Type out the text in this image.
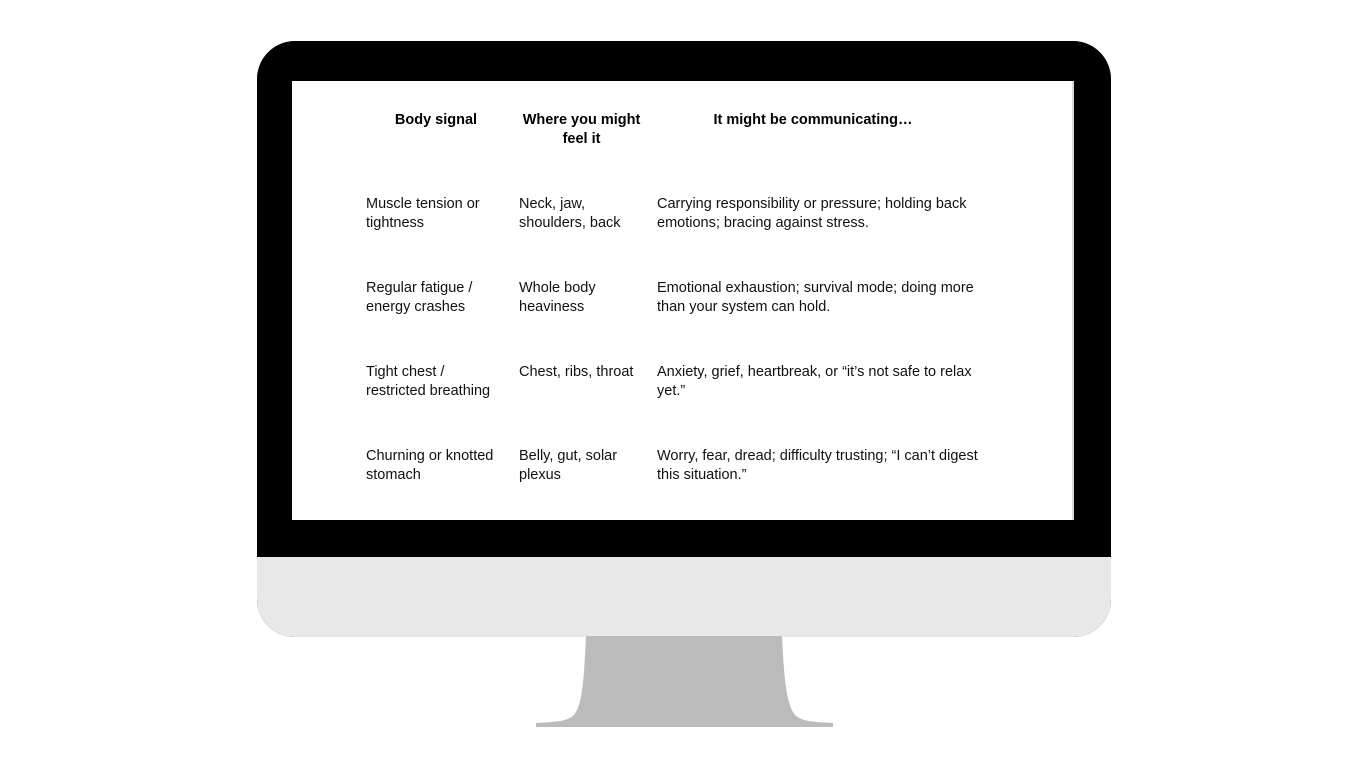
Body signal	Where you might feel it
It might be communicating…
Muscle tension or tightness
Neck, jaw, shoulders, back
Carrying responsibility or pressure; holding back emotions; bracing against stress.
Regular fatigue / energy crashes
Whole body heaviness
Emotional exhaustion; survival mode; doing more than your system can hold.
Tight chest / restricted breathing
Chest, ribs, throat	Anxiety, grief, heartbreak, or “it’s not safe to relax yet.”
Churning or knotted stomach
Belly, gut, solar plexus
Worry, fear, dread; difficulty trusting; “I can’t digest this situation.”
